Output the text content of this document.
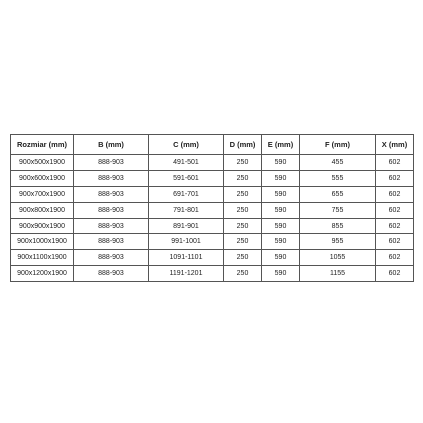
Rozmiar (mm)	B (mm)	C (mm)	D (mm)	E (mm)	F (mm)	X (mm)
900x500x1900	888-903	491-501	250	590	455	602
900x600x1900	888-903	591-601	250	590	555	602
900x700x1900	888-903	691-701	250	590	655	602
900x800x1900	888-903	791-801	250	590	755	602
900x900x1900	888-903	891-901	250	590	855	602
900x1000x1900	888-903	991-1001	250	590	955	602
900x1100x1900	888-903	1091-1101	250	590	1055	602
900x1200x1900	888-903	1191-1201	250	590	1155	602
